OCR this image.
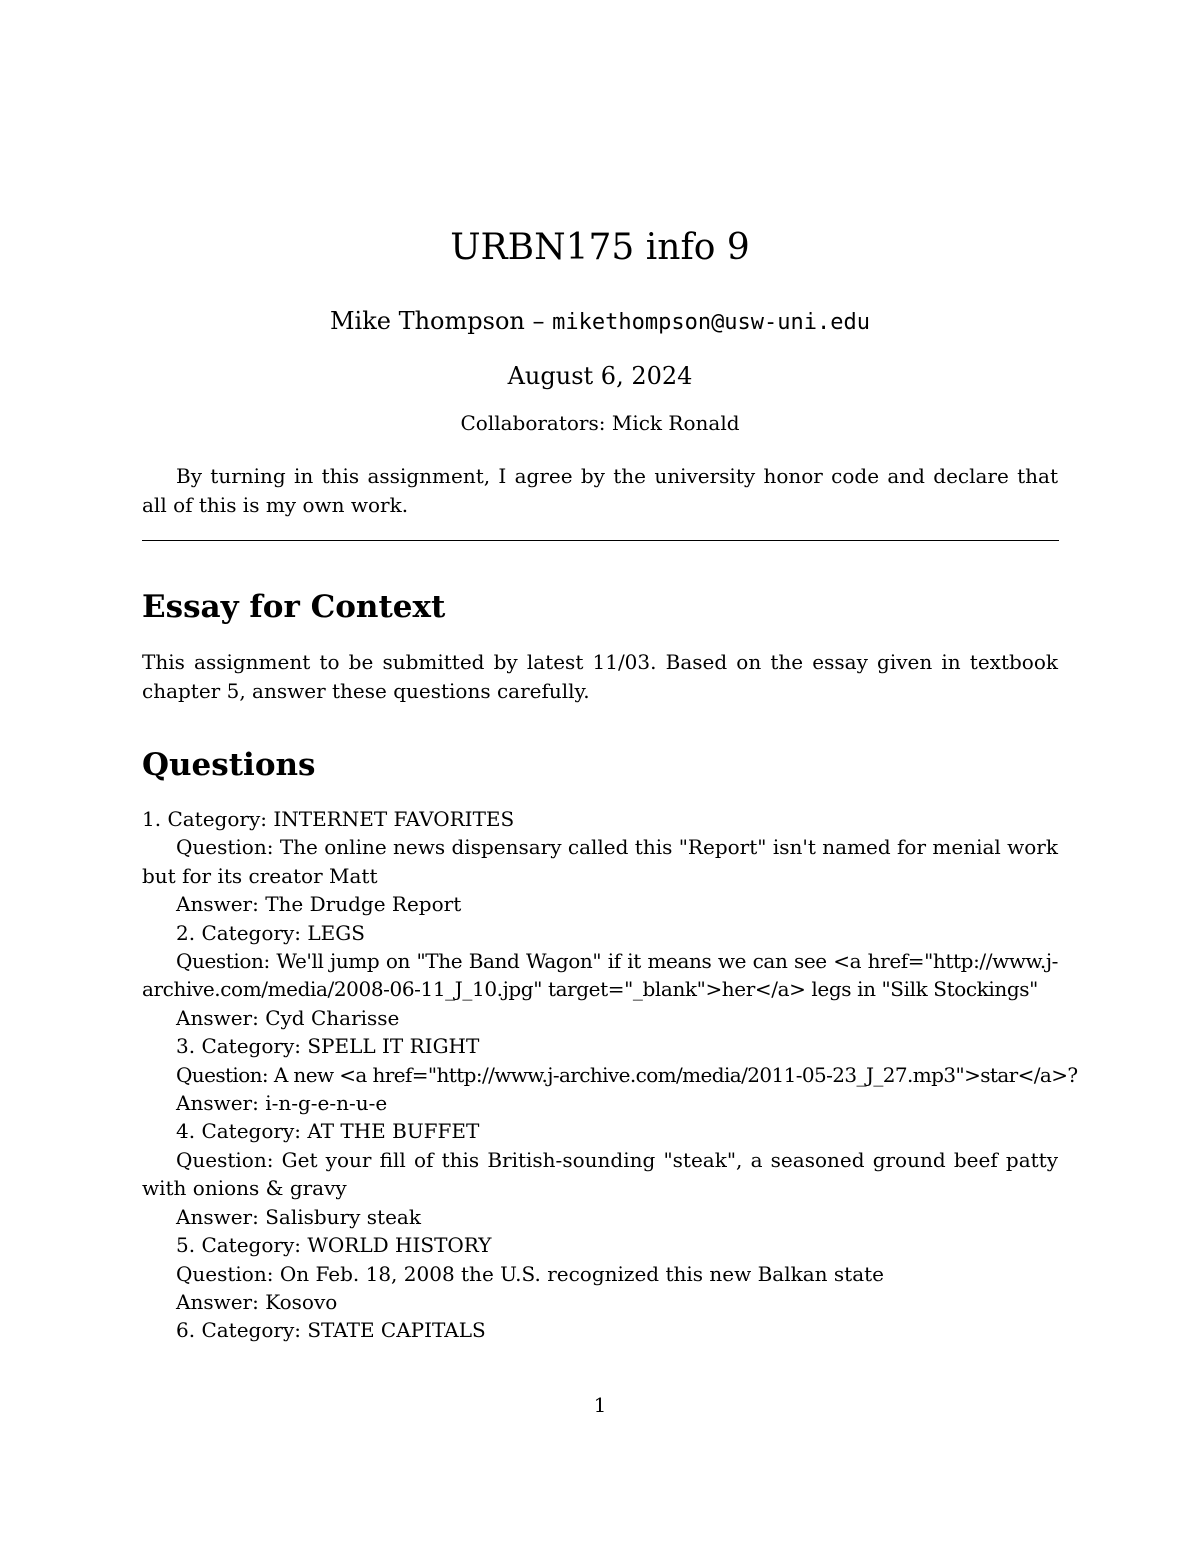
URBN175 info 9
Mike Thompson – mikethompson@usw-uni.edu
August 6, 2024
Collaborators: Mick Ronald
By turning in this assignment, I agree by the university honor code and declare that all of this is my own work.
Essay for Context
This assignment to be submitted by latest 11/03. Based on the essay given in textbook chapter 5, answer these questions carefully.
Questions
1. Category: INTERNET FAVORITES
Question: The online news dispensary called this "Report" isn't named for menial work but for its creator Matt
Answer: The Drudge Report
2. Category: LEGS
Question: We'll jump on "The Band Wagon" if it means we can see <a href="http://www.j-archive.com/media/2008-06-11_J_10.jpg" target="_blank">her</a> legs in "Silk Stockings"
Answer: Cyd Charisse
3. Category: SPELL IT RIGHT
Question: A new <a href="http://www.j-archive.com/media/2011-05-23_J_27.mp3">star</a>?
Answer: i-n-g-e-n-u-e
4. Category: AT THE BUFFET
Question: Get your fill of this British-sounding "steak", a seasoned ground beef patty with onions & gravy
Answer: Salisbury steak
5. Category: WORLD HISTORY
Question: On Feb. 18, 2008 the U.S. recognized this new Balkan state
Answer: Kosovo
6. Category: STATE CAPITALS
1
